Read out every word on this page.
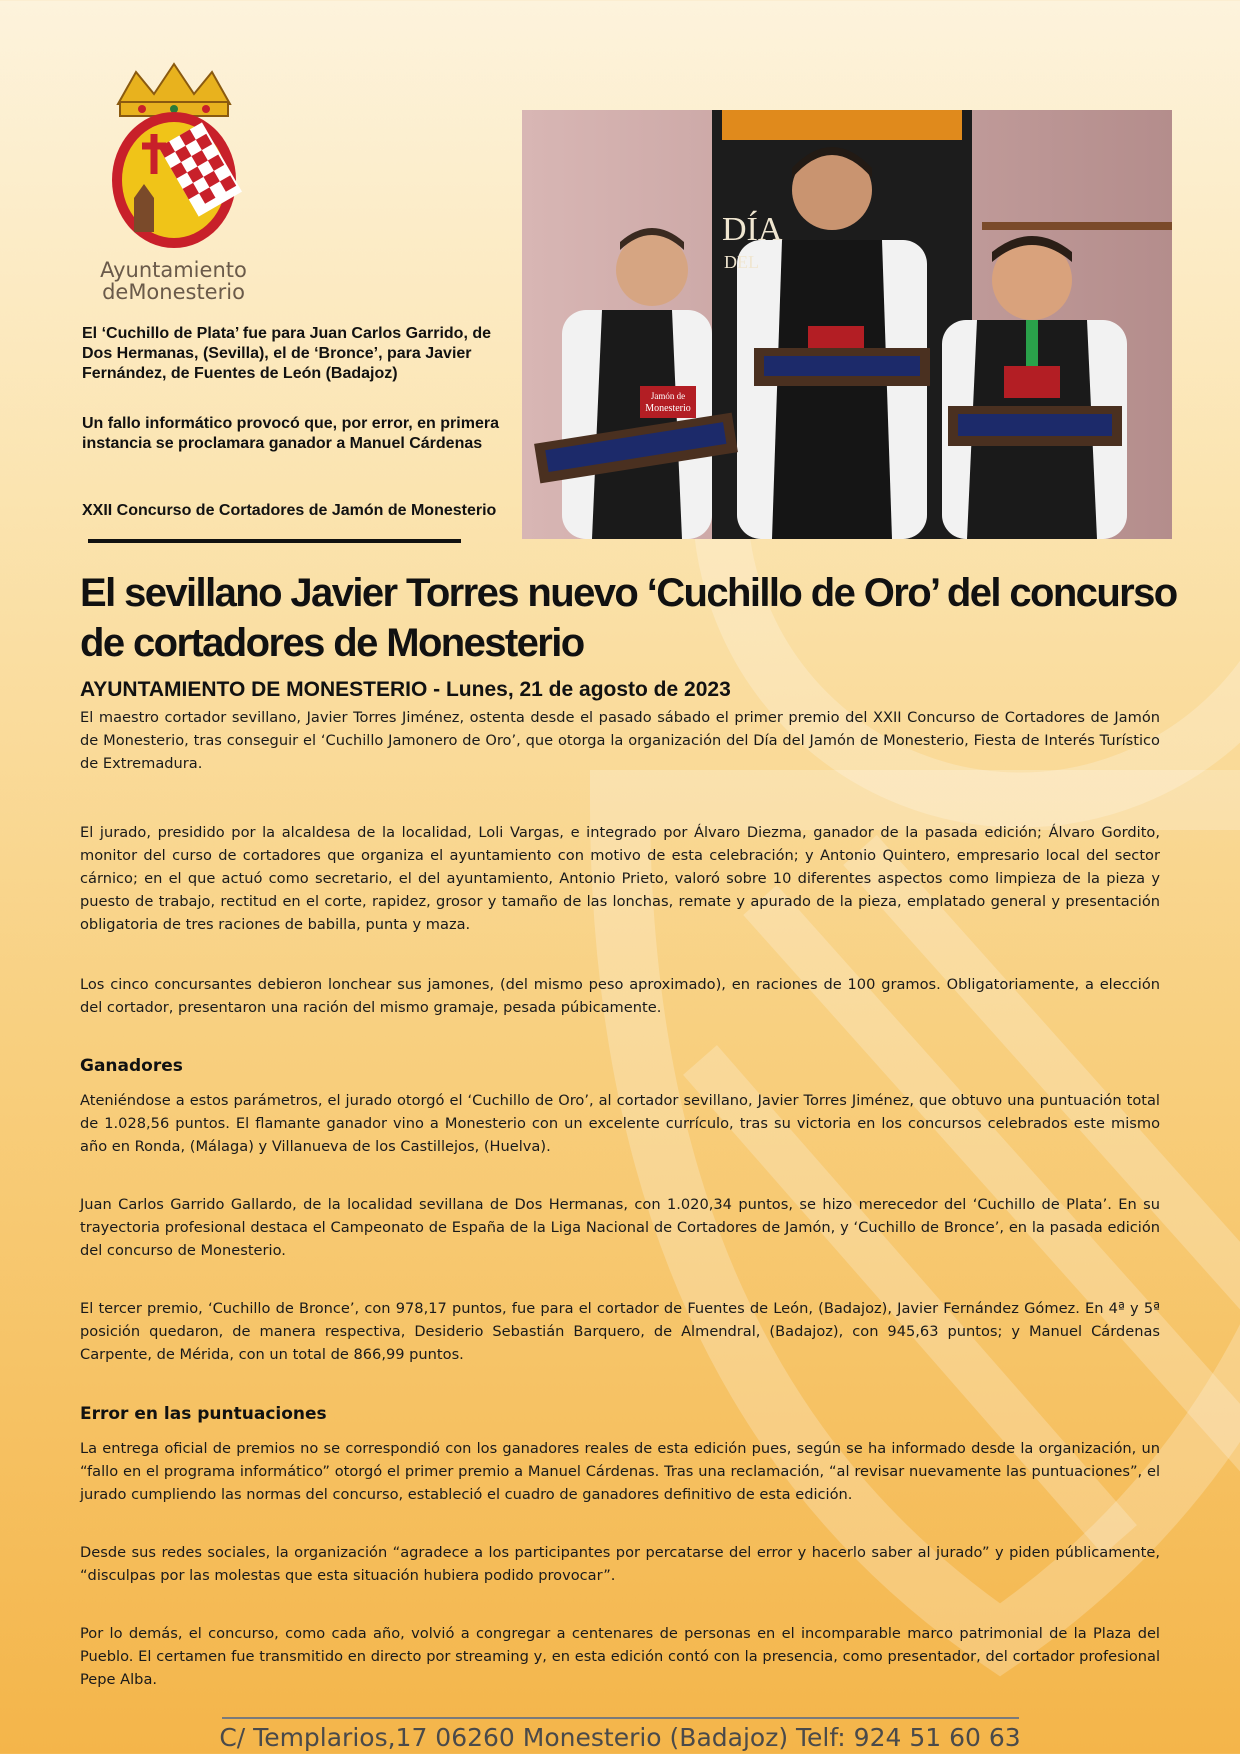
Ayuntamiento
deMonesterio
El ‘Cuchillo de Plata’ fue para Juan Carlos Garrido, de Dos Hermanas, (Sevilla), el de ‘Bronce’, para Javier Fernández, de Fuentes de León (Badajoz)
Un fallo informático provocó que, por error, en primera instancia se proclamara ganador a Manuel Cárdenas
XXII Concurso de Cortadores de Jamón de Monesterio
Jamón de
Monesterio
DÍA
DEL
El sevillano Javier Torres nuevo ‘Cuchillo de Oro’ del concurso de cortadores de Monesterio
AYUNTAMIENTO DE MONESTERIO - Lunes, 21 de agosto de 2023

El maestro cortador sevillano, Javier Torres Jiménez, ostenta desde el pasado sábado el primer premio del XXII Concurso de Cortadores de Jamón de Monesterio, tras conseguir el ‘Cuchillo Jamonero de Oro’, que otorga la organización del Día del Jamón de Monesterio, Fiesta de Interés Turístico de Extremadura.

El jurado, presidido por la alcaldesa de la localidad, Loli Vargas, e integrado por Álvaro Diezma, ganador de la pasada edición; Álvaro Gordito, monitor del curso de cortadores que organiza el ayuntamiento con motivo de esta celebración; y Antonio Quintero, empresario local del sector cárnico; en el que actuó como secretario, el del ayuntamiento, Antonio Prieto, valoró sobre 10 diferentes aspectos como limpieza de la pieza y puesto de trabajo, rectitud en el corte, rapidez, grosor y tamaño de las lonchas, remate y apurado de la pieza, emplatado general y presentación obligatoria de tres raciones de babilla, punta y maza.

Los cinco concursantes debieron lonchear sus jamones, (del mismo peso aproximado), en raciones de 100 gramos. Obligatoriamente, a elección del cortador, presentaron una ración del mismo gramaje, pesada púbicamente.

Ganadores

Ateniéndose a estos parámetros, el jurado otorgó el ‘Cuchillo de Oro’, al cortador sevillano, Javier Torres Jiménez, que obtuvo una puntuación total de 1.028,56 puntos. El flamante ganador vino a Monesterio con un excelente currículo, tras su victoria en los concursos celebrados este mismo año en Ronda, (Málaga) y Villanueva de los Castillejos, (Huelva).

Juan Carlos Garrido Gallardo, de la localidad sevillana de Dos Hermanas, con 1.020,34 puntos, se hizo merecedor del ‘Cuchillo de Plata’. En su trayectoria profesional destaca el Campeonato de España de la Liga Nacional de Cortadores de Jamón, y ‘Cuchillo de Bronce’, en la pasada edición del concurso de Monesterio.

El tercer premio, ‘Cuchillo de Bronce’, con 978,17 puntos, fue para el cortador de Fuentes de León, (Badajoz), Javier Fernández Gómez. En 4ª y 5ª posición quedaron, de manera respectiva, Desiderio Sebastián Barquero, de Almendral, (Badajoz), con 945,63 puntos; y Manuel Cárdenas Carpente, de Mérida, con un total de 866,99 puntos.

Error en las puntuaciones

La entrega oficial de premios no se correspondió con los ganadores reales de esta edición pues, según se ha informado desde la organización, un “fallo en el programa informático” otorgó el primer premio a Manuel Cárdenas. Tras una reclamación, “al revisar nuevamente las puntuaciones”, el jurado cumpliendo las normas del concurso, estableció el cuadro de ganadores definitivo de esta edición.

Desde sus redes sociales, la organización “agradece a los participantes por percatarse del error y hacerlo saber al jurado” y piden públicamente, “disculpas por las molestas que esta situación hubiera podido provocar”.

Por lo demás, el concurso, como cada año, volvió a congregar a centenares de personas en el incomparable marco patrimonial de la Plaza del Pueblo. El certamen fue transmitido en directo por streaming y, en esta edición contó con la presencia, como presentador, del cortador profesional Pepe Alba.

C/ Templarios,17 06260 Monesterio (Badajoz) Telf: 924 51 60 63
